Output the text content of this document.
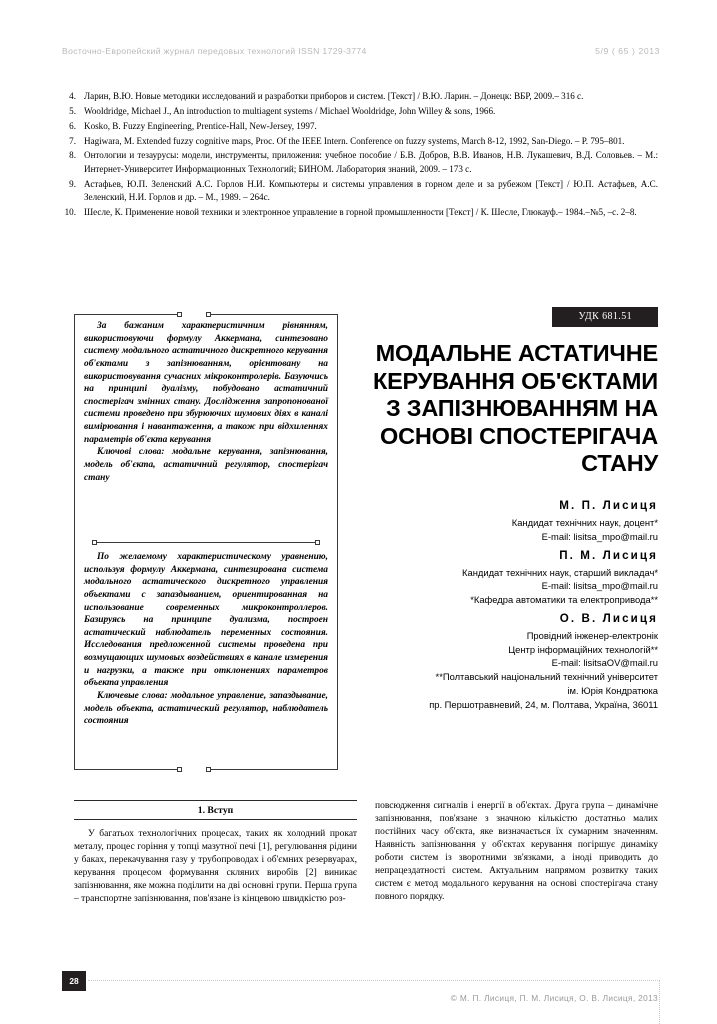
Восточно-Европейский журнал передовых технологий ISSN 1729-3774	5/9 ( 65 ) 2013
4. Ларин, В.Ю. Новые методики исследований и разработки приборов и систем. [Текст] / В.Ю. Ларин. – Донецк: ВБР, 2009.– 316 с.
5. Wooldridge, Michael J., An introduction to multiagent systems / Michael Wooldridge, John Willey & sons, 1966.
6. Kosko, B. Fuzzy Engineering, Prentice-Hall, New-Jersey, 1997.
7. Hagiwara, M. Extended fuzzy cognitive maps, Proc. Of the IEEE Intern. Conference on fuzzy systems, March 8-12, 1992, San-Diego. – P. 795–801.
8. Онтологии и тезаурусы: модели, инструменты, приложения: учебное пособие / Б.В. Добров, В.В. Иванов, Н.В. Лукашевич, В.Д. Соловьев. – М.: Интернет-Университет Информационных Технологий; БИНОМ. Лаборатория знаний, 2009. – 173 с.
9. Астафьев, Ю.П. Зеленский А.С. Горлов Н.И. Компьютеры и системы управления в горном деле и за рубежом [Текст] / Ю.П. Астафьев, А.С. Зеленский, Н.И. Горлов и др. – М., 1989. – 264с.
10. Шесле, К. Применение новой техники и электронное управление в горной промышленности [Текст] / К. Шесле, Глюкауф.– 1984.–№5, –с. 2–8.

За бажаним характеристичним рівнянням, використовуючи формулу Аккермана, синтезовано систему модального астатичного дискретного керування об'єктами з запізнюванням, орієнтовану на використовування сучасних мікроконтролерів. Базуючись на принципі дуалізму, побудовано астатичний спостерігач змінних стану. Дослідження запропонованої системи проведено при збурюючих шумових діях в каналі вимірювання і навантаження, а також при відхиленнях параметрів об'єкта керування

Ключові слова: модальне керування, запізнювання, модель об'єкта, астатичний регулятор, спостерігач стану

По желаемому характеристическому уравнению, используя формулу Аккермана, синтезирована система модального астатического дискретного управления объектами с запаздыванием, ориентированная на использование современных микроконтроллеров. Базируясь на принципе дуализма, построен астатический наблюдатель переменных состояния. Исследования предложенной системы проведена при возмущающих шумовых воздействиях в канале измерения и нагрузки, а также при отклонениях параметров объекта управления

Ключевые слова: модальное управление, запаздывание, модель объекта, астатический регулятор, наблюдатель состояния

УДК 681.51
МОДАЛЬНЕ АСТАТИЧНЕ КЕРУВАННЯ ОБ'ЄКТАМИ З ЗАПІЗНЮВАННЯМ НА ОСНОВІ СПОСТЕРІГАЧА СТАНУ
М. П. Лисиця
Кандидат технічних наук, доцент*
E-mail: lisitsa_mpo@mail.ru
П. М. Лисиця
Кандидат технічних наук, старший викладач*
E-mail: lisitsa_mpo@mail.ru
*Кафедра автоматики та електропривода**
О. В. Лисиця
Провідний інженер-електронік
Центр інформаційних технологій**
E-mail: lisitsaOV@mail.ru
**Полтавський національний технічний університет
ім. Юрія Кондратюка
пр. Першотравневий, 24, м. Полтава, Україна, 36011
1. Вступ

У багатьох технологічних процесах, таких як холодний прокат металу, процес горіння у топці мазутної печі [1], регулювання рідини у баках, перекачування газу у трубопроводах і об'ємних резервуарах, керування процесом формування скляних виробів [2] виникає запізнювання, яке можна поділити на дві основні групи. Перша група – транспортне запізнювання, пов'язане із кінцевою швидкістю роз-

повсюдження сигналів і енергії в об'єктах. Друга група – динамічне запізнювання, пов'язане з значною кількістю достатньо малих постійних часу об'єкта, яке визначається їх сумарним значенням. Наявність запізнювання у об'єктах керування погіршує динаміку роботи систем із зворотними зв'язками, а іноді приводить до непрацездатності систем. Актуальним напрямом розвитку таких систем є метод модального керування на основі спостерігача стану повного порядку.

28
© М. П. Лисиця, П. М. Лисиця, О. В. Лисиця, 2013
